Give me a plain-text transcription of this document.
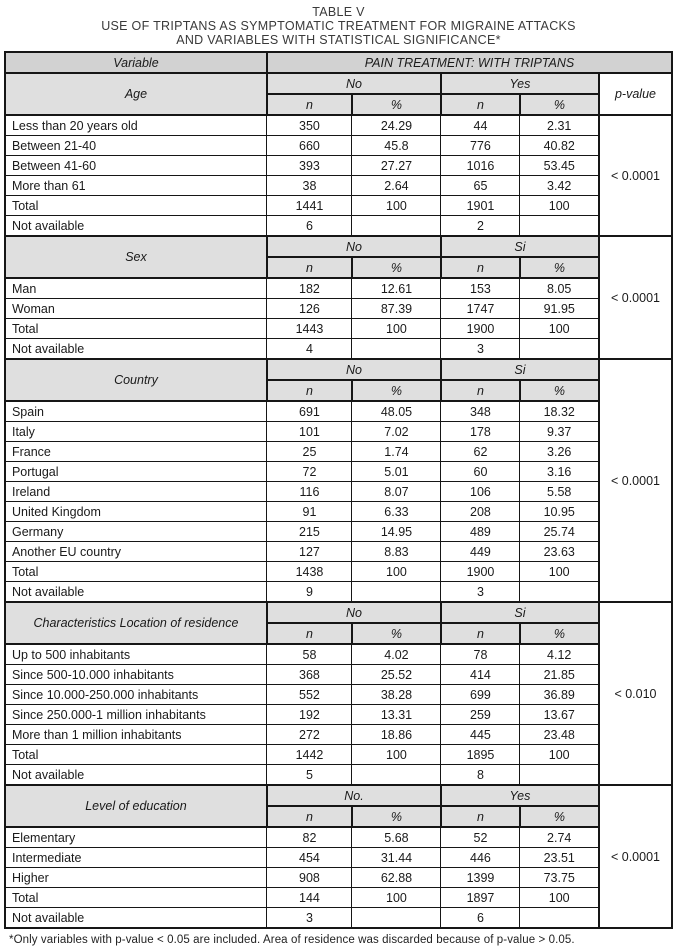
TABLE V
USE OF TRIPTANS AS SYMPTOMATIC TREATMENT FOR MIGRAINE ATTACKS
AND VARIABLES WITH STATISTICAL SIGNIFICANCE*
Variable	PAIN TREATMENT: WITH TRIPTANS				
Age	No		Yes		p-value
	n	%	n	%	
Less than 20 years old	350	24.29	44	2.31	< 0.0001
Between 21-40	660	45.8	776	40.82	
Between 41-60	393	27.27	1016	53.45	
More than 61	38	2.64	65	3.42	
Total	1441	100	1901	100	
Not available	6		2		
Sex	No		Si		< 0.0001
	n	%	n	%	
Man	182	12.61	153	8.05	
Woman	126	87.39	1747	91.95	
Total	1443	100	1900	100	
Not available	4		3		
Country	No		Si		< 0.0001
	n	%	n	%	
Spain	691	48.05	348	18.32	
Italy	101	7.02	178	9.37	
France	25	1.74	62	3.26	
Portugal	72	5.01	60	3.16	
Ireland	116	8.07	106	5.58	
United Kingdom	91	6.33	208	10.95	
Germany	215	14.95	489	25.74	
Another EU country	127	8.83	449	23.63	
Total	1438	100	1900	100	
Not available	9		3		
Characteristics Location of residence	No		Si		< 0.010
	n	%	n	%	
Up to 500 inhabitants	58	4.02	78	4.12	
Since 500-10.000 inhabitants	368	25.52	414	21.85	
Since 10.000-250.000 inhabitants	552	38.28	699	36.89	
Since 250.000-1 million inhabitants	192	13.31	259	13.67	
More than 1 million inhabitants	272	18.86	445	23.48	
Total	1442	100	1895	100	
Not available	5		8		
Level of education	No.		Yes		< 0.0001
	n	%	n	%	
Elementary	82	5.68	52	2.74	
Intermediate	454	31.44	446	23.51	
Higher	908	62.88	1399	73.75	
Total	144	100	1897	100	
Not available	3		6		
*Only variables with p-value < 0.05 are included. Area of residence was discarded because of p-value > 0.05.
